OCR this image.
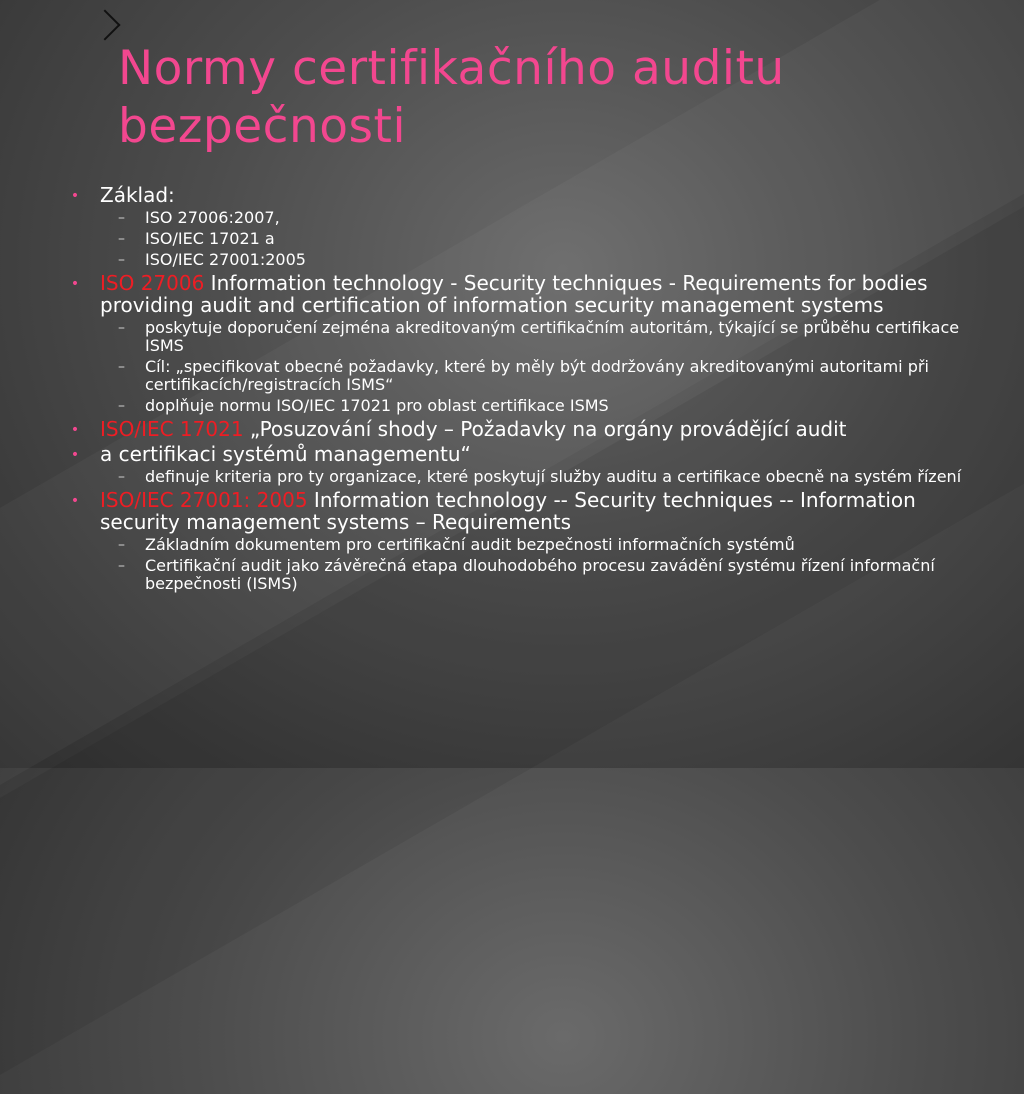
Normy certifikačního auditu bezpečnosti
•	Základ:
– ISO 27006:2007,
– ISO/IEC 17021 a
– ISO/IEC 27001:2005
•	ISO 27006 Information technology - Security techniques - Requirements for bodies providing audit and certification of information security management systems
– poskytuje doporučení zejména akreditovaným certifikačním autoritám, týkající se průběhu certifikace ISMS
– Cíl: „specifikovat obecné požadavky, které by měly být dodržovány akreditovanými autoritami při certifikacích/registracích ISMS“
– doplňuje normu ISO/IEC 17021 pro oblast certifikace ISMS
•	ISO/IEC 17021 „Posuzování shody – Požadavky na orgány provádějící audit
•	a certifikaci systémů managementu“
– definuje kriteria pro ty organizace, které poskytují služby auditu a certifikace obecně na systém řízení
•	ISO/IEC 27001: 2005 Information technology -- Security techniques -- Information security management systems – Requirements
– Základním dokumentem pro certifikační audit bezpečnosti informačních systémů
– Certifikační audit jako závěrečná etapa dlouhodobého procesu zavádění systému řízení informační bezpečnosti (ISMS)
